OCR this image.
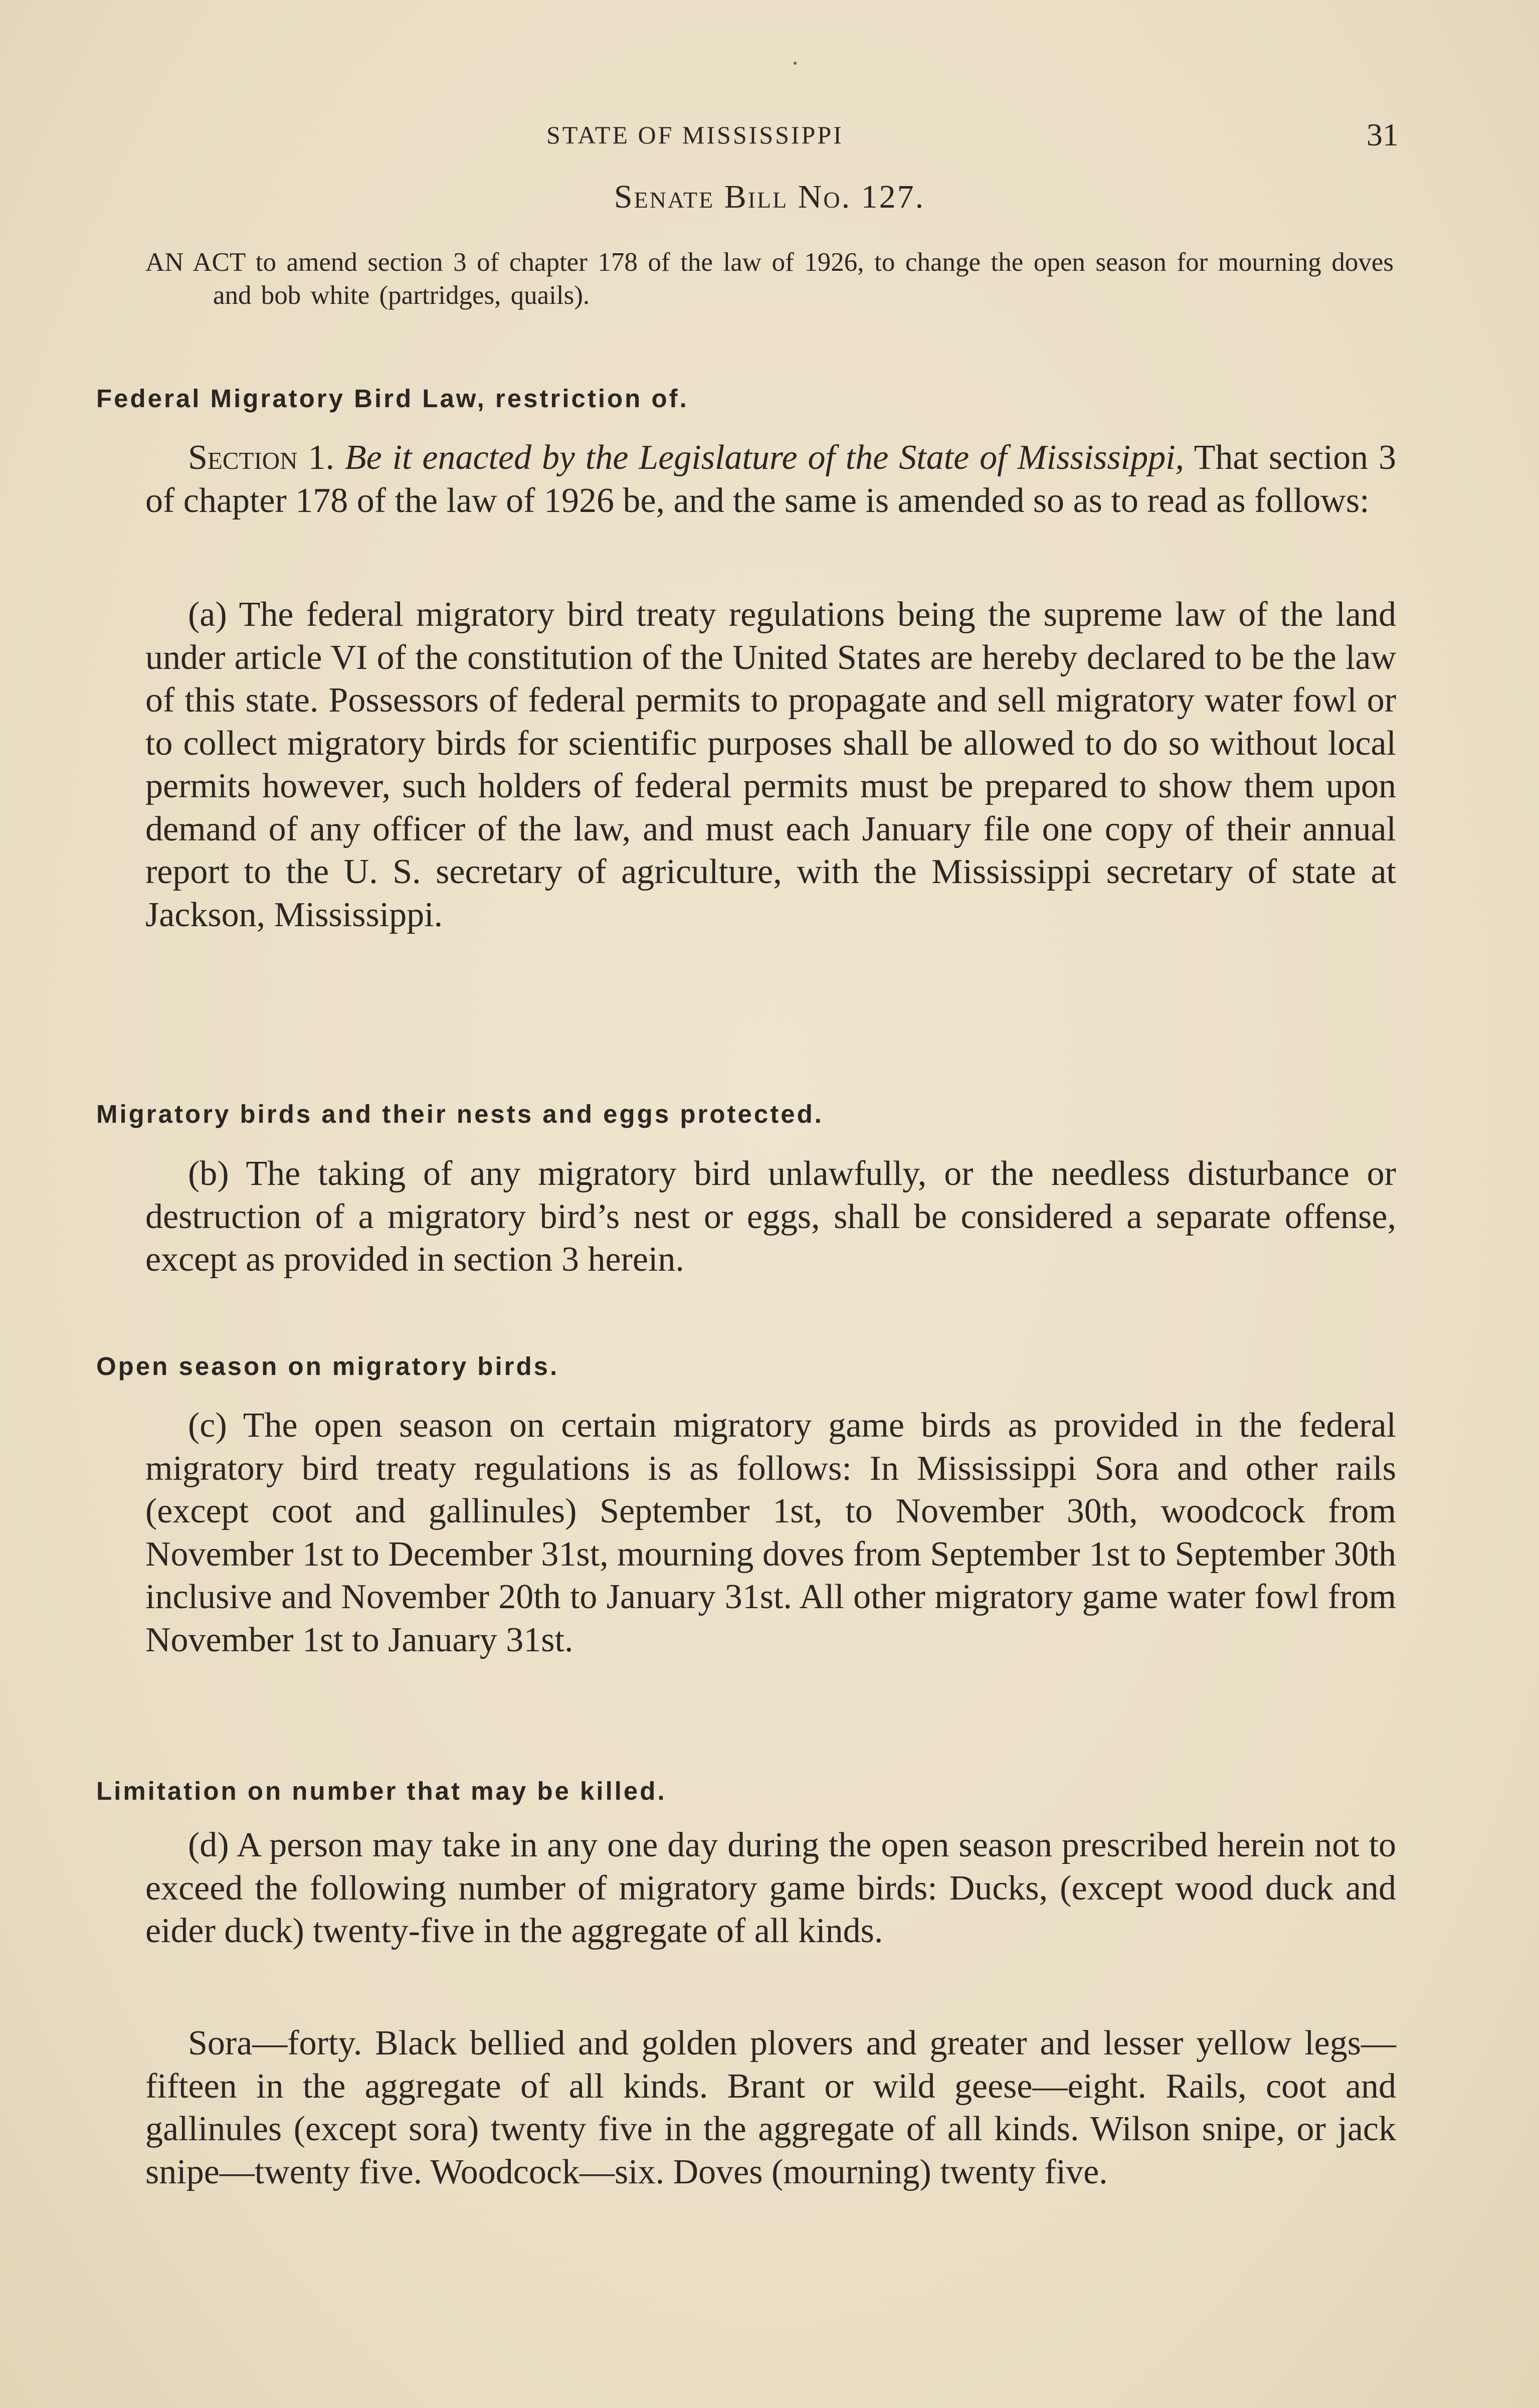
STATE OF MISSISSIPPI	31
Senate Bill No. 127.
AN ACT to amend section 3 of chapter 178 of the law of 1926, to change the open season for mourning doves and bob white (partridges, quails).
Federal Migratory Bird Law, restriction of.

Section 1. Be it enacted by the Legislature of the State of Mississippi, That section 3 of chapter 178 of the law of 1926 be, and the same is amended so as to read as follows:

(a) The federal migratory bird treaty regulations being the supreme law of the land under article VI of the constitution of the United States are hereby declared to be the law of this state. Possessors of federal permits to propagate and sell migratory water fowl or to collect migratory birds for scientific purposes shall be allowed to do so without local permits however, such holders of federal permits must be prepared to show them upon demand of any officer of the law, and must each January file one copy of their annual report to the U. S. secretary of agriculture, with the Mississippi secretary of state at Jackson, Mississippi.

Migratory birds and their nests and eggs protected.

(b) The taking of any migratory bird unlawfully, or the needless disturbance or destruction of a migratory bird’s nest or eggs, shall be considered a separate offense, except as provided in section 3 herein.

Open season on migratory birds.

(c) The open season on certain migratory game birds as provided in the federal migratory bird treaty regulations is as follows: In Mississippi Sora and other rails (except coot and gallinules) September 1st, to November 30th, woodcock from November 1st to December 31st, mourning doves from September 1st to September 30th inclusive and November 20th to January 31st. All other migratory game water fowl from November 1st to January 31st.

Limitation on number that may be killed.

(d) A person may take in any one day during the open season prescribed herein not to exceed the following number of migratory game birds: Ducks, (except wood duck and eider duck) twenty-five in the aggregate of all kinds.

Sora—forty. Black bellied and golden plovers and greater and lesser yellow legs—fifteen in the aggregate of all kinds. Brant or wild geese—eight. Rails, coot and gallinules (except sora) twenty five in the aggregate of all kinds. Wilson snipe, or jack snipe—twenty five. Woodcock—six. Doves (mourning) twenty five.
